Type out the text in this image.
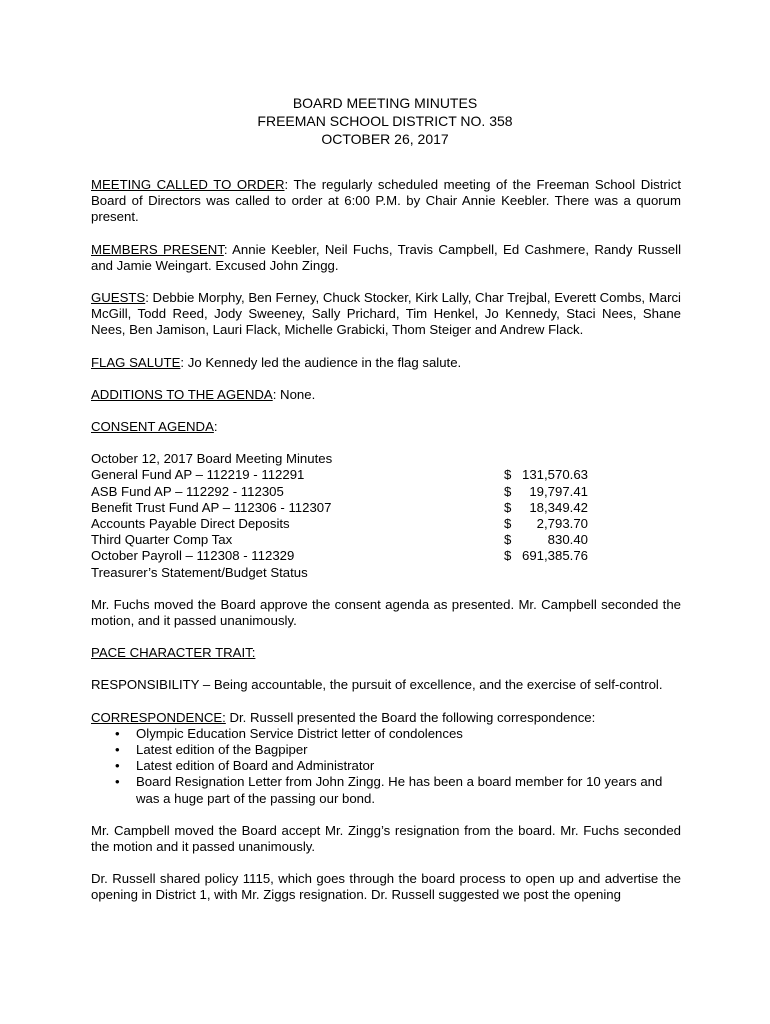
BOARD MEETING MINUTES
FREEMAN SCHOOL DISTRICT NO. 358
OCTOBER 26, 2017

MEETING CALLED TO ORDER: The regularly scheduled meeting of the Freeman School District Board of Directors was called to order at 6:00 P.M. by Chair Annie Keebler. There was a quorum present.

MEMBERS PRESENT: Annie Keebler, Neil Fuchs, Travis Campbell, Ed Cashmere, Randy Russell and Jamie Weingart. Excused John Zingg.

GUESTS: Debbie Morphy, Ben Ferney, Chuck Stocker, Kirk Lally, Char Trejbal, Everett Combs, Marci McGill, Todd Reed, Jody Sweeney, Sally Prichard, Tim Henkel, Jo Kennedy, Staci Nees, Shane Nees, Ben Jamison, Lauri Flack, Michelle Grabicki, Thom Steiger and Andrew Flack.

FLAG SALUTE: Jo Kennedy led the audience in the flag salute.

ADDITIONS TO THE AGENDA: None.

CONSENT AGENDA:

October 12, 2017 Board Meeting Minutes
General Fund AP – 112219 - 112291	$ 131,570.63
ASB Fund AP – 112292 - 112305	$	19,797.41
Benefit Trust Fund AP – 112306 - 112307	$	18,349.42
Accounts Payable Direct Deposits	$	2,793.70
Third Quarter Comp Tax	$	830.40
October Payroll – 112308 - 112329	$ 691,385.76
Treasurer’s Statement/Budget Status

Mr. Fuchs moved the Board approve the consent agenda as presented. Mr. Campbell seconded the motion, and it passed unanimously.

PACE CHARACTER TRAIT:

RESPONSIBILITY – Being accountable, the pursuit of excellence, and the exercise of self-control.

CORRESPONDENCE: Dr. Russell presented the Board the following correspondence:

• Olympic Education Service District letter of condolences
• Latest edition of the Bagpiper
• Latest edition of Board and Administrator
• Board Resignation Letter from John Zingg. He has been a board member for 10 years and was a huge part of the passing our bond.

Mr. Campbell moved the Board accept Mr. Zingg’s resignation from the board. Mr. Fuchs seconded the motion and it passed unanimously.

Dr. Russell shared policy 1115, which goes through the board process to open up and advertise the opening in District 1, with Mr. Ziggs resignation. Dr. Russell suggested we post the opening
